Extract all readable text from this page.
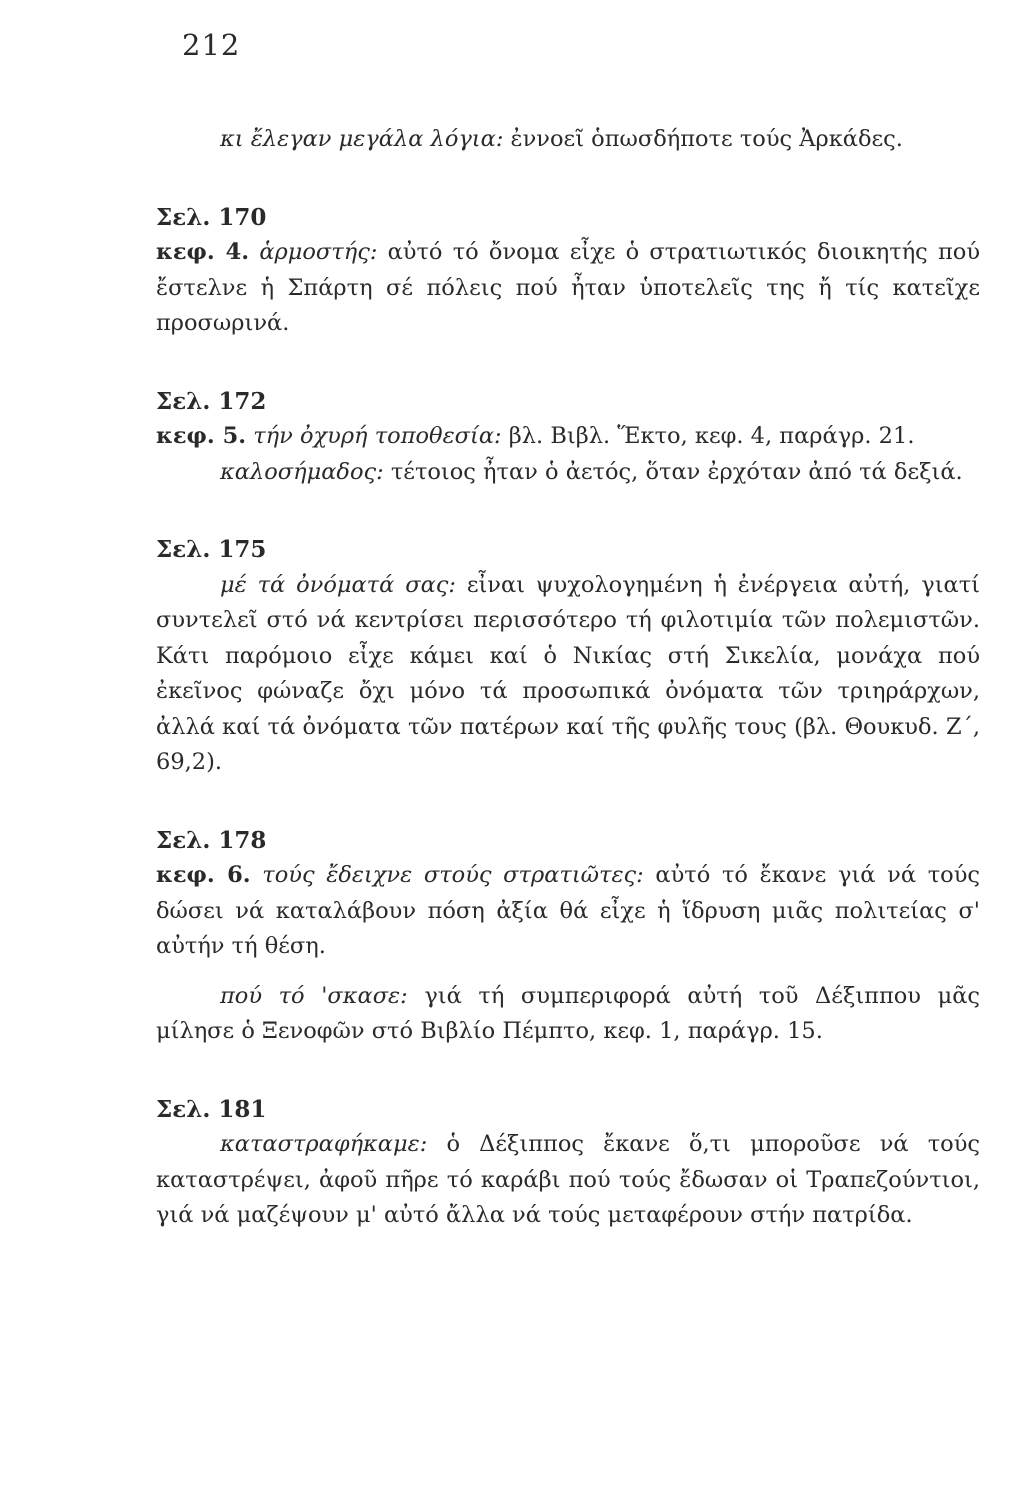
212

κι ἔλεγαν μεγάλα λόγια: ἐννοεῖ ὁπωσδήποτε τούς Ἀρκάδες.

Σελ. 170

κεφ. 4. ἁρμοστής: αὐτό τό ὄνομα εἶχε ὁ στρατιωτικός διοικητής πού ἔστελνε ἡ Σπάρτη σέ πόλεις πού ἦταν ὑποτελεῖς της ἤ τίς κατεῖχε προσωρινά.

Σελ. 172

κεφ. 5. τήν ὀχυρή τοποθεσία: βλ. Βιβλ. Ἕκτο, κεφ. 4, παράγρ. 21.

καλοσήμαδος: τέτοιος ἦταν ὁ ἀετός, ὅταν ἐρχόταν ἀπό τά δεξιά.

Σελ. 175

μέ τά ὀνόματά σας: εἶναι ψυχολογημένη ἡ ἐνέργεια αὐτή, γιατί συντελεῖ στό νά κεντρίσει περισσότερο τή φιλοτιμία τῶν πολεμιστῶν. Κάτι παρόμοιο εἶχε κάμει καί ὁ Νικίας στή Σικελία, μονάχα πού ἐκεῖνος φώναζε ὄχι μόνο τά προσωπικά ὀνόματα τῶν τριηράρχων, ἀλλά καί τά ὀνόματα τῶν πατέρων καί τῆς φυλῆς τους (βλ. Θουκυδ. Ζ΄, 69,2).

Σελ. 178

κεφ. 6. τούς ἔδειχνε στούς στρατιῶτες: αὐτό τό ἔκανε γιά νά τούς δώσει νά καταλάβουν πόση ἀξία θά εἶχε ἡ ἵδρυση μιᾶς πολιτείας σ' αὐτήν τή θέση.

πού τό 'σκασε: γιά τή συμπεριφορά αὐτή τοῦ Δέξιππου μᾶς μίλησε ὁ Ξενοφῶν στό Βιβλίο Πέμπτο, κεφ. 1, παράγρ. 15.

Σελ. 181

καταστραφήκαμε: ὁ Δέξιππος ἔκανε ὅ,τι μποροῦσε νά τούς καταστρέψει, ἀφοῦ πῆρε τό καράβι πού τούς ἔδωσαν οἱ Τραπεζούντιοι, γιά νά μαζέψουν μ' αὐτό ἄλλα νά τούς μεταφέρουν στήν πατρίδα.
